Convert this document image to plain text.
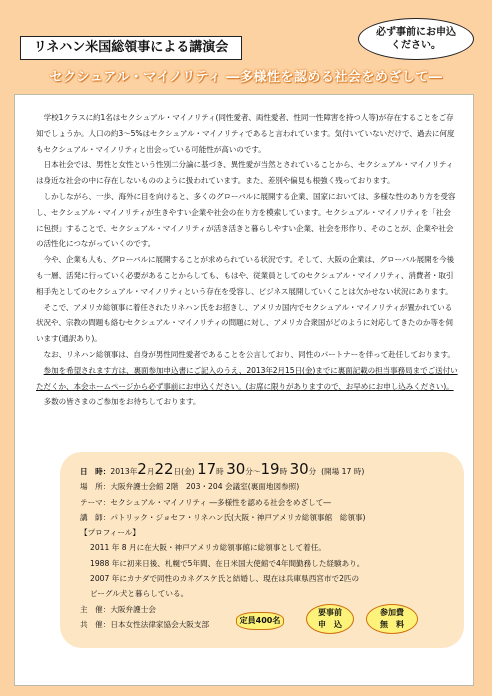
リネハン米国総領事による講演会
必ず事前にお申込
ください。
セクシュアル・マイノリティ ―多様性を認める社会をめざして―

学校1クラスに約1名はセクシュアル・マイノリティ(同性愛者、両性愛者、性同一性障害を持つ人等)が存在することをご存知でしょうか。人口の約3～5%はセクシュアル・マイノリティであると言われています。気付いていないだけで、過去に何度もセクシュアル・マイノリティと出会っている可能性が高いのです。

日本社会では、男性と女性という性別二分論に基づき、異性愛が当然とされていることから、セクシュアル・マイノリティは身近な社会の中に存在しないもののように扱われています。また、差別や偏見も根強く残っております。

しかしながら、一歩、海外に目を向けると、多くのグローバルに展開する企業、国家においては、多様な性のあり方を受容し、セクシュアル・マイノリティが生きやすい企業や社会の在り方を模索しています。セクシュアル・マイノリティを「社会に包摂」することで、セクシュアル・マイノリティが活き活きと暮らしやすい企業、社会を形作り、そのことが、企業や社会の活性化につながっていくのです。

今や、企業も人も、グローバルに展開することが求められている状況です。そして、大阪の企業は、グローバル展開を今後も一層、活発に行っていく必要があることからしても、もはや、従業員としてのセクシュアル・マイノリティ、消費者・取引相手先としてのセクシュアル・マイノリティという存在を受容し、ビジネス展開していくことは欠かせない状況にあります。

そこで、アメリカ総領事に着任されたリネハン氏をお招きし、アメリカ国内でセクシュアル・マイノリティが置かれている状況や、宗教の問題も絡むセクシュアル・マイノリティの問題に対し、アメリカ合衆国がどのように対応してきたのか等を伺います(通訳あり)。

なお、リネハン総領事は、自身が男性同性愛者であることを公言しており、同性のパートナーを伴って赴任しております。

参加を希望されます方は、裏面参加申込書にご記入のうえ、2013年2月15日(金)までに裏面記載の担当事務局までご送付いただくか、本会ホームページから必ず事前にお申込ください。(お席に限りがありますので、お早めにお申し込みください)。

多数の皆さまのご参加をお待ちしております。

日　時：2013年2月22日(金) 17時 30分～19時 30分 (開場 17 時)
場　所：大阪弁護士会館 2階　203・204 会議室(裏面地図参照)
テーマ：セクシュアル・マイノリティ ―多様性を認める社会をめざして―
講　師：パトリック・ジョセフ・リネハン氏(大阪・神戸アメリカ総領事館　総領事)
【プロフィール】
2011 年 8 月に在大阪・神戸アメリカ総領事館に総領事として着任。
1988 年に初来日後、札幌で5年間、在日米国大使館で4年間勤務した経験あり。
2007 年にカナダで同性のカネグスケ氏と結婚し、現在は兵庫県西宮市で2匹の
ビーグル犬と暮らしている。
主　催：大阪弁護士会
共　催：日本女性法律家協会大阪支部	定員400名
要事前
申　込
参加費
無　料
